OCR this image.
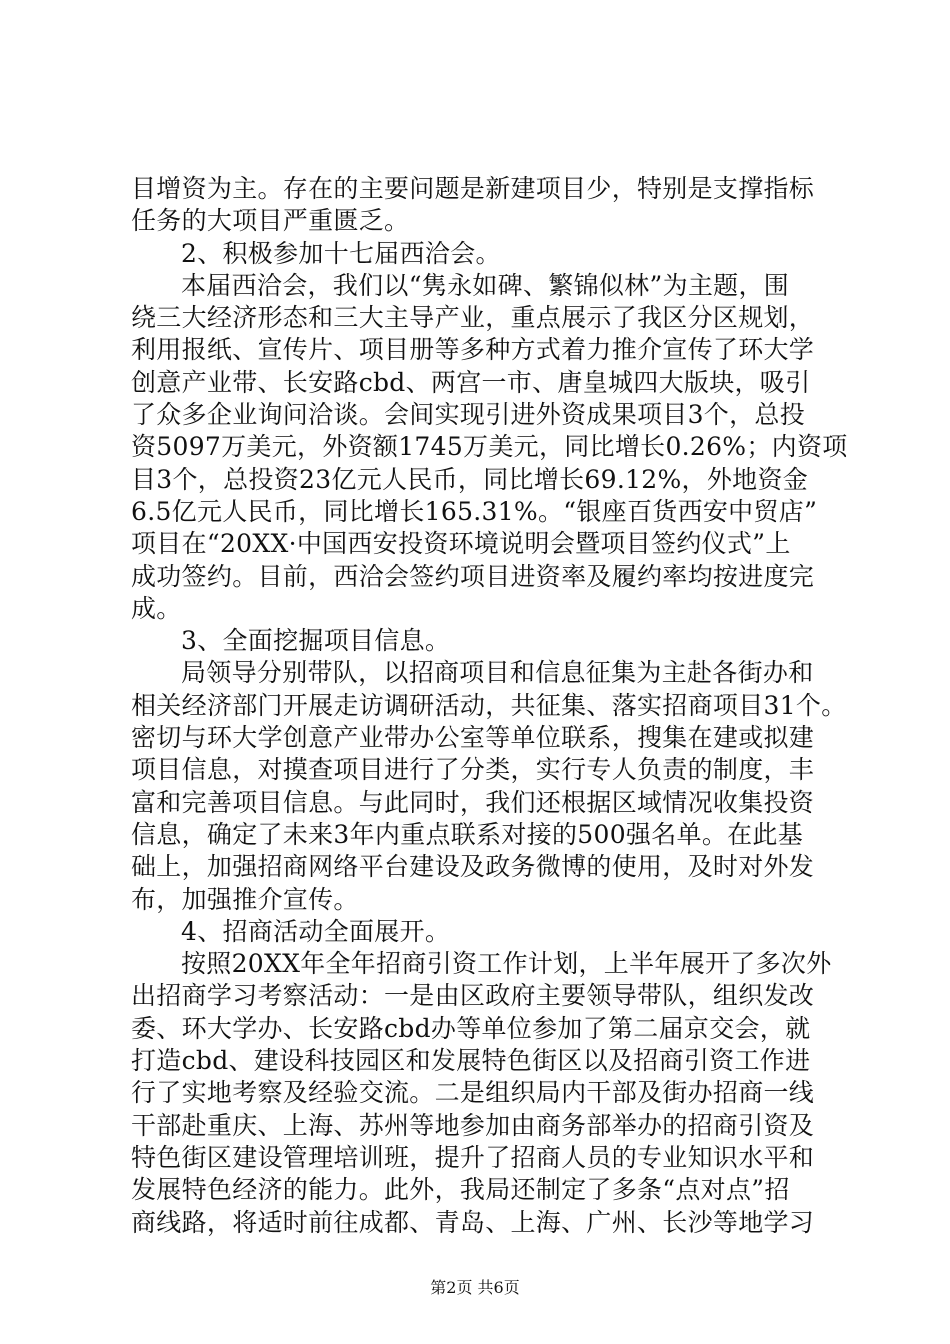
目增资为主。存在的主要问题是新建项目少，特别是支撑指标
任务的大项目严重匮乏。
2、积极参加十七届西洽会。
本届西洽会，我们以“隽永如碑、繁锦似林”为主题，围
绕三大经济形态和三大主导产业，重点展示了我区分区规划，
利用报纸、宣传片、项目册等多种方式着力推介宣传了环大学
创意产业带、长安路cbd、两宫一市、唐皇城四大版块，吸引
了众多企业询问洽谈。会间实现引进外资成果项目3个，总投
资5097万美元，外资额1745万美元，同比增长0.26%；内资项
目3个，总投资23亿元人民币，同比增长69.12%，外地资金
6.5亿元人民币，同比增长165.31%。“银座百货西安中贸店”
项目在“20XX·中国西安投资环境说明会暨项目签约仪式”上
成功签约。目前，西洽会签约项目进资率及履约率均按进度完
成。
3、全面挖掘项目信息。
局领导分别带队，以招商项目和信息征集为主赴各街办和
相关经济部门开展走访调研活动，共征集、落实招商项目31个。
密切与环大学创意产业带办公室等单位联系，搜集在建或拟建
项目信息，对摸查项目进行了分类，实行专人负责的制度，丰
富和完善项目信息。与此同时，我们还根据区域情况收集投资
信息，确定了未来3年内重点联系对接的500强名单。在此基
础上，加强招商网络平台建设及政务微博的使用，及时对外发
布，加强推介宣传。
4、招商活动全面展开。
按照20XX年全年招商引资工作计划，上半年展开了多次外
出招商学习考察活动：一是由区政府主要领导带队，组织发改
委、环大学办、长安路cbd办等单位参加了第二届京交会，就
打造cbd、建设科技园区和发展特色街区以及招商引资工作进
行了实地考察及经验交流。二是组织局内干部及街办招商一线
干部赴重庆、上海、苏州等地参加由商务部举办的招商引资及
特色街区建设管理培训班，提升了招商人员的专业知识水平和
发展特色经济的能力。此外，我局还制定了多条“点对点”招
商线路，将适时前往成都、青岛、上海、广州、长沙等地学习
第2页 共6页
